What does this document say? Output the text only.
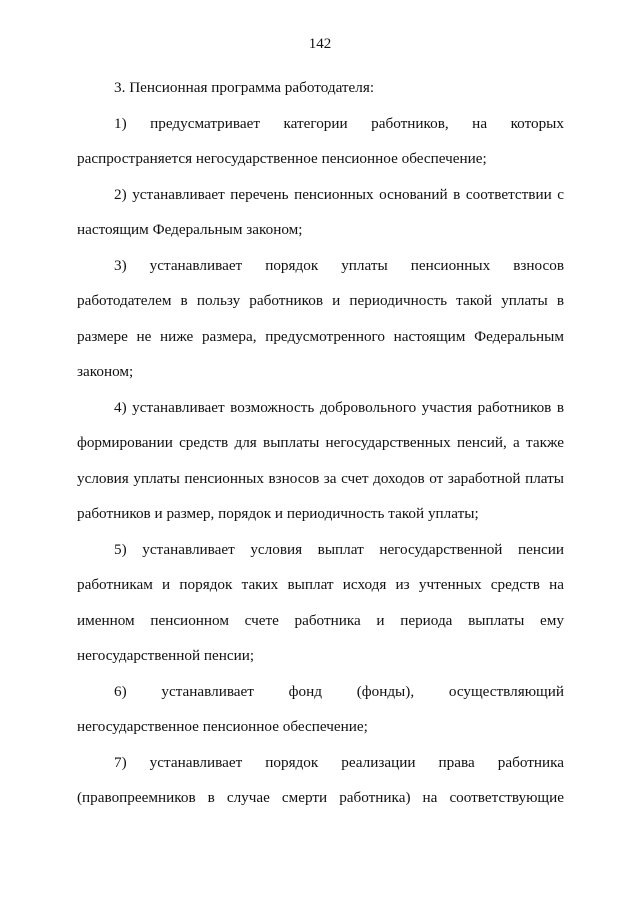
142

3. Пенсионная программа работодателя:

1) предусматривает категории работников, на которых распространяется негосударственное пенсионное обеспечение;

2) устанавливает перечень пенсионных оснований в соответствии с настоящим Федеральным законом;

3) устанавливает порядок уплаты пенсионных взносов работодателем в пользу работников и периодичность такой уплаты в размере не ниже размера, предусмотренного настоящим Федеральным законом;

4) устанавливает возможность добровольного участия работников в формировании средств для выплаты негосударственных пенсий, а также условия уплаты пенсионных взносов за счет доходов от заработной платы работников и размер, порядок и периодичность такой уплаты;

5) устанавливает условия выплат негосударственной пенсии работникам и порядок таких выплат исходя из учтенных средств на именном пенсионном счете работника и периода выплаты ему негосударственной пенсии;

6) устанавливает фонд (фонды), осуществляющий негосударственное пенсионное обеспечение;

7) устанавливает порядок реализации права работника (правопреемников в случае смерти работника) на соответствующие
